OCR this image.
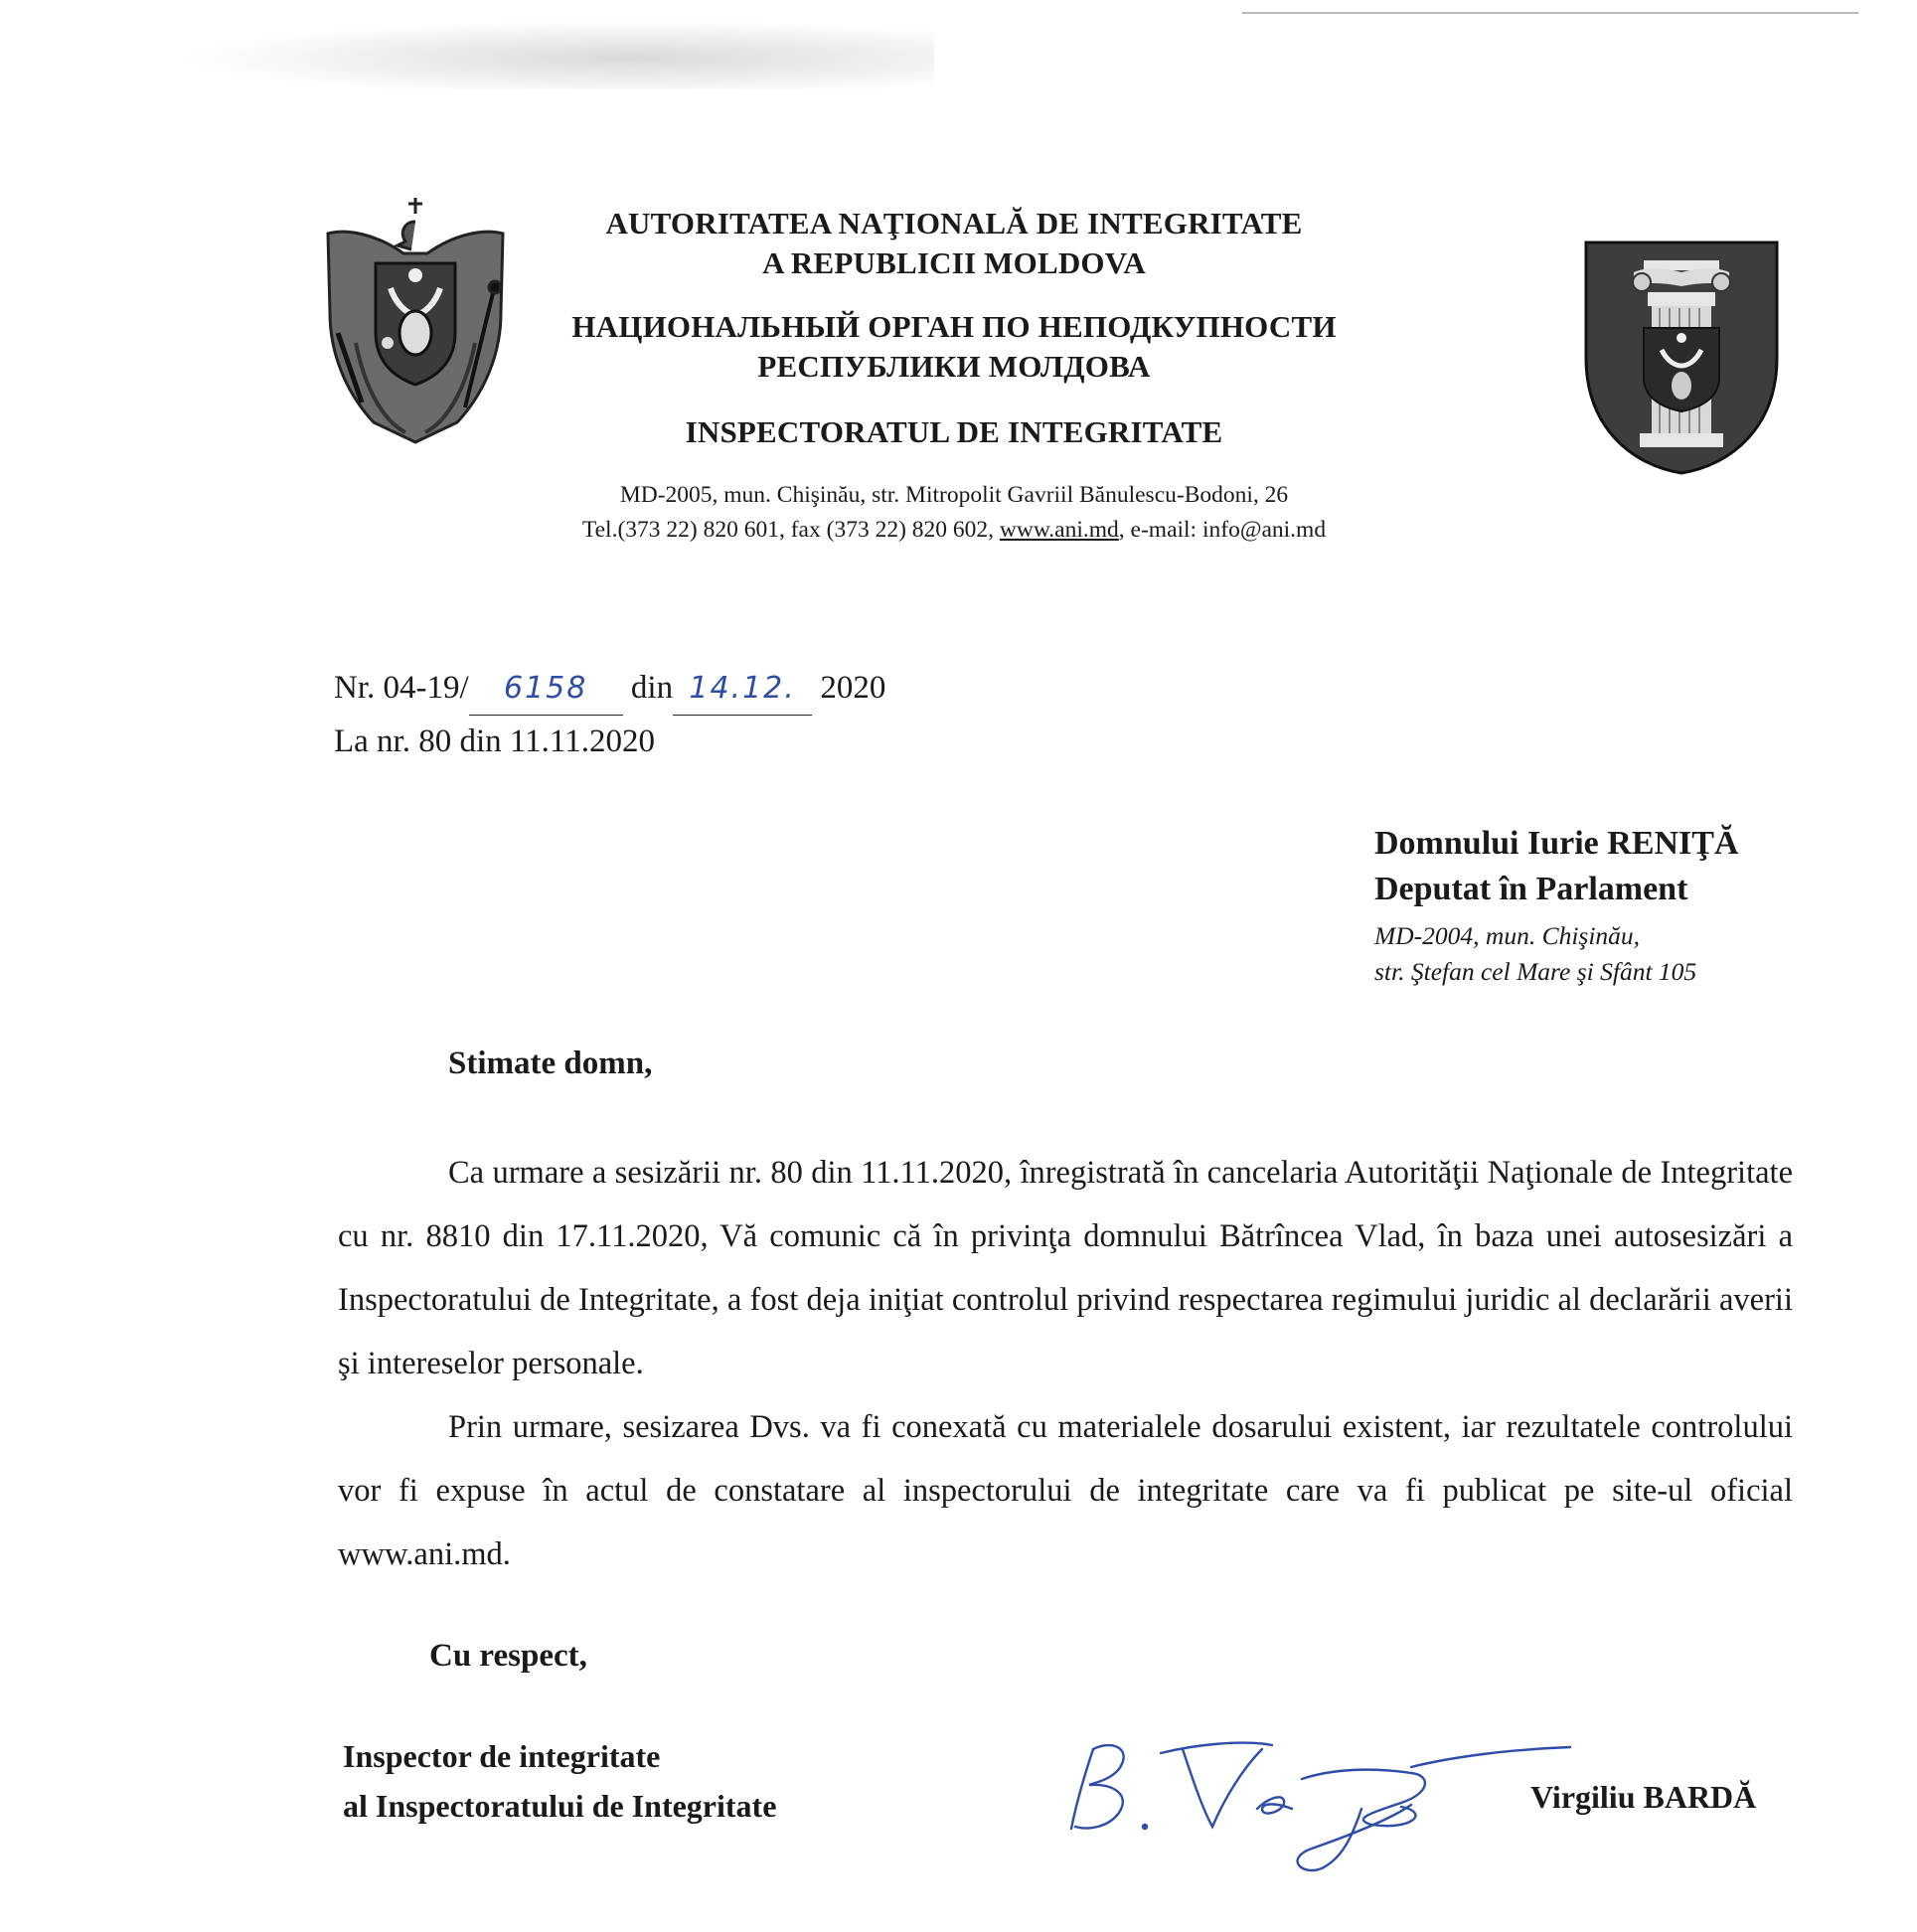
AUTORITATEA NAŢIONALĂ DE INTEGRITATE

A REPUBLICII MOLDOVA

НАЦИОНАЛЬНЫЙ ОРГАН ПО НЕПОДКУПНОСТИ

РЕСПУБЛИКИ МОЛДОВА

INSPECTORATUL DE INTEGRITATE

MD-2005, mun. Chişinău, str. Mitropolit Gavriil Bănulescu-Bodoni, 26

Tel.(373 22) 820 601, fax (373 22) 820 602, www.ani.md, e-mail: info@ani.md

Nr. 04-19/ 6158 din 14.12. 2020
La nr. 80 din 11.11.2020

Domnului Iurie RENIŢĂ

Deputat în Parlament

MD-2004, mun. Chişinău,

str. Ştefan cel Mare şi Sfânt 105

Stimate domn,

Ca urmare a sesizării nr. 80 din 11.11.2020, înregistrată în cancelaria Autorităţii Naţionale de Integritate cu nr. 8810 din 17.11.2020, Vă comunic că în privinţa domnului Bătrîncea Vlad, în baza unei autosesizări a Inspectoratului de Integritate, a fost deja iniţiat controlul privind respectarea regimului juridic al declarării averii şi intereselor personale.

Prin urmare, sesizarea Dvs. va fi conexată cu materialele dosarului existent, iar rezultatele controlului vor fi expuse în actul de constatare al inspectorului de integritate care va fi publicat pe site-ul oficial www.ani.md.

Cu respect,
Inspector de integritate
al Inspectoratului de Integritate	Virgiliu BARDĂ
